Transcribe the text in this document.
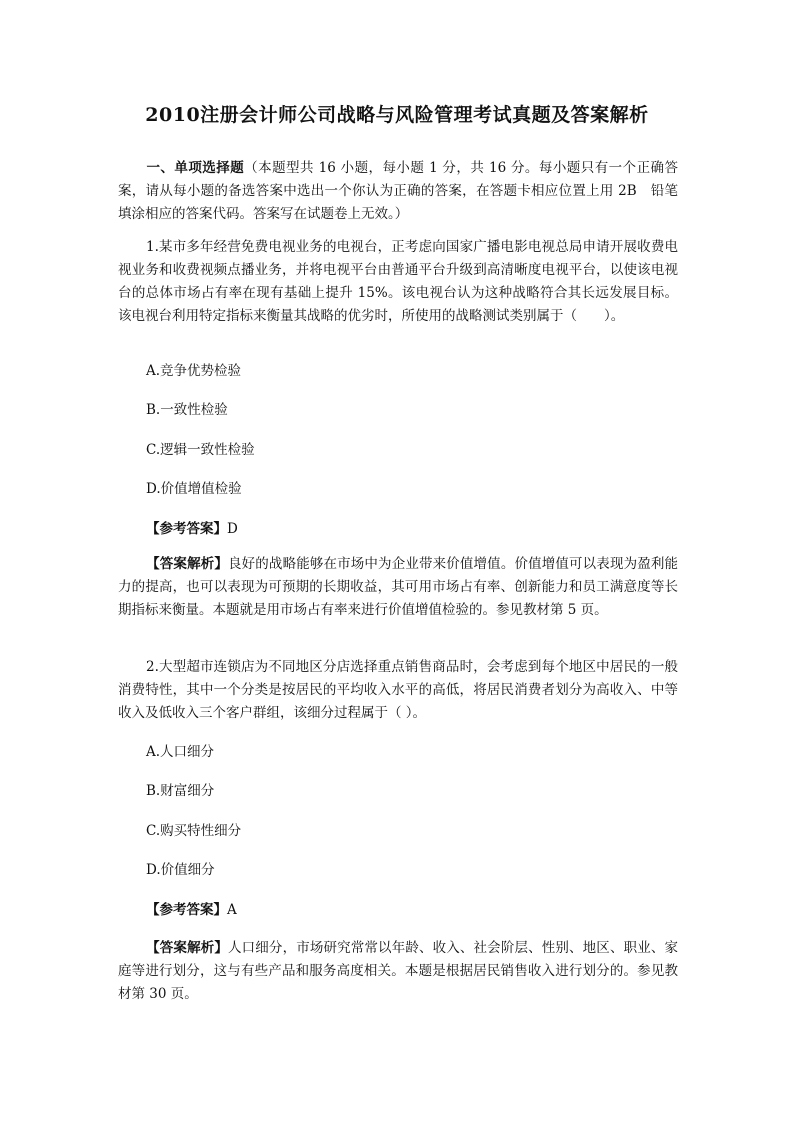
2010注册会计师公司战略与风险管理考试真题及答案解析
一、单项选择题（本题型共 16 小题，每小题 1 分，共 16 分。每小题只有一个正确答案，请从每小题的备选答案中选出一个你认为正确的答案，在答题卡相应位置上用 2B　铅笔填涂相应的答案代码。答案写在试题卷上无效。）
1.某市多年经营免费电视业务的电视台，正考虑向国家广播电影电视总局申请开展收费电视业务和收费视频点播业务，并将电视平台由普通平台升级到高清晰度电视平台，以使该电视台的总体市场占有率在现有基础上提升 15%。该电视台认为这种战略符合其长远发展目标。该电视台利用特定指标来衡量其战略的优劣时，所使用的战略测试类别属于（　　）。
A.竞争优势检验
B.一致性检验
C.逻辑一致性检验
D.价值增值检验
【参考答案】D
【答案解析】良好的战略能够在市场中为企业带来价值增值。价值增值可以表现为盈利能力的提高，也可以表现为可预期的长期收益，其可用市场占有率、创新能力和员工满意度等长期指标来衡量。本题就是用市场占有率来进行价值增值检验的。参见教材第 5 页。
2.大型超市连锁店为不同地区分店选择重点销售商品时，会考虑到每个地区中居民的一般消费特性，其中一个分类是按居民的平均收入水平的高低，将居民消费者划分为高收入、中等收入及低收入三个客户群组，该细分过程属于（ ）。
A.人口细分
B.财富细分
C.购买特性细分
D.价值细分
【参考答案】A
【答案解析】人口细分，市场研究常常以年龄、收入、社会阶层、性别、地区、职业、家庭等进行划分，这与有些产品和服务高度相关。本题是根据居民销售收入进行划分的。参见教材第 30 页。
